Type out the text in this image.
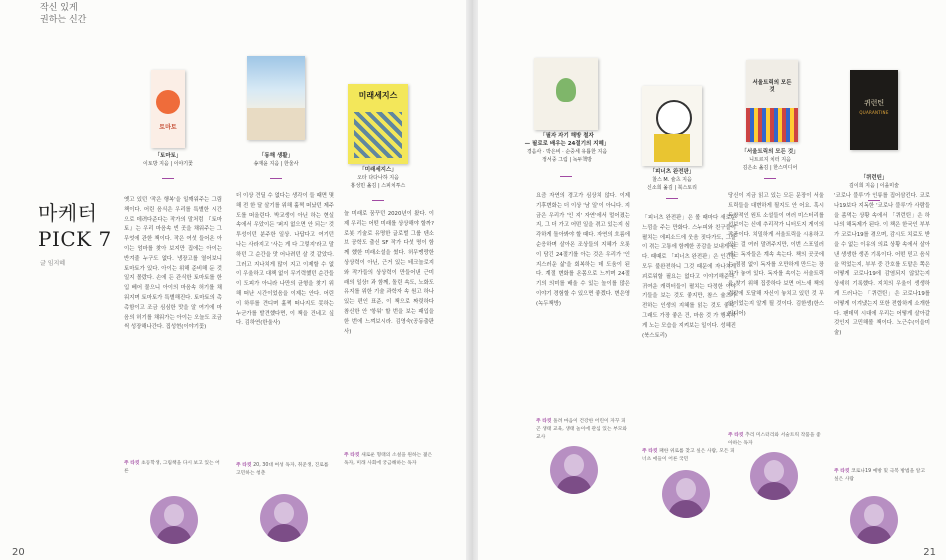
작신 있게
권하는 신간
마케터
PICK 7
글 임지혜
토마토
「토마토」
이토방 지음 | 이야기꽃
「동해 생활」
송재윤 지음 | 한울사
미래세지스
「미래세지스」
오타 다다나하 지음
홍성민 옮김 | 스피치투스
옛고 있던 '작은 행복'을 일깨워주는 그림책이다. 어린 음식은 우리를 특별한 시간으로 데려다준다는 작가의 말처럼 『토마토』는 우리 마음속 빈 곳을 채워주는 그 무엇에 관한 책이다. 작은 여섯 들어온 아이는 엄마를 찾아 보지만 집에는 아이는 반겨줄 누구도 없다. 냉장고를 열어보니 토마토가 있다. 아이는 위해 준비해 둔 것일지 몰랐다. 손에 든 관식한 토마토를 한 입 베어 물으니 아이의 마음속 허기를 채워지며 토마토가 특별해진다. 토마토의 촉촉함이고 조금 심심한 맛을 알 여기에 마음의 허기를 채워가는 아이는 오늘도 조금씩 성장해나간다. 집성현(이야기꽃)
주 타킷 초등학생, 그림책을 다시 보고 있는 어른
더 이상 견딜 수 없다는 생각이 들 때면 몇 해 전 한 달 살기를 위해 훌쩍 떠났던 제주도를 떠올린다. 박교생이 아닌 하는 현실 속에서 우았이든 '퍼지 없으면 안 되는' 것 투성이던 분주한 일상. 나답다고 여기던 나는 사라지고 '사는 게 다 그렇지'라고 말하던 그 순간을 맛 어나려던 살 것 같았다. 그러고 지나치게 많이 지고 이제할 수 없이 우울하고 대책 없이 무기력했던 순간들이 도피가 아니라 나만의 균형을 찾기 위해 떠난 시간이었음을 이제는 안다. 어린이 하루를 견디며 훌쩍 떠나지도 못하는 누군가를 발견했다면, 이 책을 건네고 싶다. 김하연(한울사)
주 타킷 20, 30대 여성 독자, 취준생, 진로를 고민하는 청춘
늘 미래로 꿈꾸던 2020년이 왔다. 이제 우리는 어떤 미래를 상상해야 할까? 로봇 기술로 유명한 글로벌 그룹 텐소브 공학도 출신 SF 작가 다섯 명이 함께 했한 미래소설을 썼다. 허무맹랑한 상상력이 아닌, 근거 있는 테크놀로지와 작가들의 상상력이 만들어낸 근미래의 일상! 과 함께, 돌린 속도, 노화도 유지를 위한 기술 과학자 속 원고 하나 있는 편인 표준, 이 책으로 짜릿하다 참신한 안 '항워' 할 번을 보는 패입을 한 번에 느껴보시라. 김영숙(공동출판사)
주 타킷 새로운 형태의 소설을 원하는 젊은 독자, 미래 사회에 궁금해하는 독자
20
「필자 자기 해방 철자
— 필로로 배우는 24절기의 지혜」
경음사 · 박은비 · 순중세 유튬한 지음
정서중 그림 | 녹두책방
「피너츠 완전판」
찰스 M. 슐츠 지음
신소희 옮김 | 북스토리
서울트릭의 모든 것
「서울트릭의 모든 것」
니트르지 치터 지음
김은소 옮김 | 한스미디어
퀴런틴
QUARANTINE
「퀴런틴」
김이희 지음 | 이을미술
요즘 자연의 경고가 심상치 않다. 이제 기후변화는 더 이상 '남 일'이 아니다. 지금은 우리가 '인 지' 자연'에서 멀어졌는지, 그 더 가고 어떤 일을 겪고 있는지 심각하게 돌아봐야 할 때다. 자연의 흐름에 순응하며 살아온 조상들의 지혜가 오롯이 담긴 24절기를 아는 것은 우리가 '인 지스러운 삶'을 회복하는 데 도움이 된다. 계절 변화를 온몸으로 느끼며 24절기의 의미를 배울 수 있는 놀이를 많은 이야기 경험할 수 있으면 좋겠다. 변은영(녹두책방)
주 타킷 돌려 마음이 건강한 어린이 자꾸 피곤 생태 교육, 생태 놀이에 관심 있는 부모와 교사
「피너츠 완전판」은 볼 때마다 새로운 느낌을 주는 만화다. 스누피와 친구들이 펼치는 에피소드에 웃음 짓다가도, 그들이 겪는 고통에 함께한 공감을 보내게 된다. 때때로 「피너츠 완전판」은 인간은 모두 불완전하니 그것 때문에 자나치게 괴로워할 필요는 없다고 이야기해준다. 귀여운 캐릭터들이 펼치는 다정한 이야기들을 보는 것도 좋지만, 참스 슐츠가 전하는 인생의 지혜를 읽는 것도 좋다. 그래도 가장 좋은 건, 마음 것 가 행복하게 노는 모습을 지켜보는 일이다. 성혜진(북스토리)
주 타킷 패한 위로를 찾고 싶은 사람, 모든 피너츠 애들이 어른 국민
당신이 지금 읽고 있는 모든 문장이 서울트릭들을 대변하게 될지도 안 어요. 혹시 독창적인 원트 소설들이 여러 미스터리를 선보이는 신예 추리작가 니터도지 게이의 작품이다. 치밀하게 서울트릭을 시용하고 있는 걸 여러 말려주지만, 이번 스포일러에는 독자들은 계속 속는다. 책의 곳곳에는 점점 없이 독자를 오만하게 만드는 장치가 놓여 있다. 독자를 속이는 서술트릭을 찾기 위해 집중하다 보면 어느새 책의 결말에 도달해 자신이 놓치고 있던 것 무엇이었는지 알게 될 것이다. 김한생(한스미디어)
주 타킷 추리 미스터리와 서술트릭 작품을 좋아하는 독자
'코로나 블루'가 인류를 집어삼킨다. 코로나19보다 지독한 '코로나 블루'가 사람들을 좀먹는 상황 속에서 「퀴런틴」은 하나의 해독제가 된다. 이 책은 한국인 부부가 코로나19를 겪으며, 감시도 치료도 받을 수 없는 이유의 의료 상황 속에서 살아낸 생생한 생존 기록이다. 어떤 믿고 음식을 먹었는지, 부부 중 간호를 도맡은 쪽은 어떻게 코로나19에 감염되지 않았는지 상세히 기록했다. 지치의 우울이 생생하게 드러나는 「퀴런틴」은 코로나19를 어떻게 이겨냈는지 또한 전합하게 소개한다. 팬데믹 시대에 우리는 어떻게 살아갈 것인지 고민해볼 책이다. 노근수(이을미술)
주 타킷 코로나19 예방 및 극복 방법을 알고 싶은 사람
21
